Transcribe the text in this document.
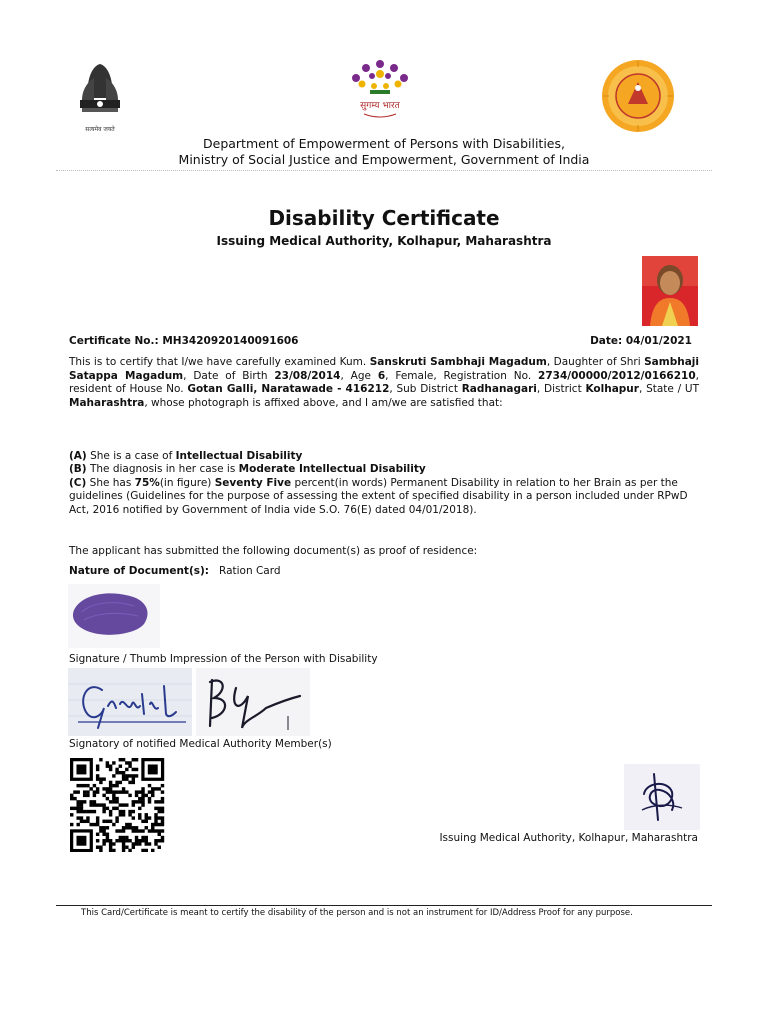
सत्यमेव जयते
सुगम्य भारत
Department of Empowerment of Persons with Disabilities,
Ministry of Social Justice and Empowerment, Government of India
Disability Certificate
Issuing Medical Authority, Kolhapur, Maharashtra
Certificate No.: MH3420920140091606	Date: 04/01/2021
This is to certify that I/we have carefully examined Kum. Sanskruti Sambhaji Magadum, Daughter of Shri Sambhaji Satappa Magadum, Date of Birth 23/08/2014, Age 6, Female, Registration No. 2734/00000/2012/0166210, resident of House No. Gotan Galli, Naratawade - 416212, Sub District Radhanagari, District Kolhapur, State / UT Maharashtra, whose photograph is affixed above, and I am/we are satisfied that:
(A) She is a case of Intellectual Disability
(B) The diagnosis in her case is Moderate Intellectual Disability
(C) She has 75%(in figure) Seventy Five percent(in words) Permanent Disability in relation to her Brain as per the guidelines (Guidelines for the purpose of assessing the extent of specified disability in a person included under RPwD Act, 2016 notified by Government of India vide S.O. 76(E) dated 04/01/2018).
The applicant has submitted the following document(s) as proof of residence:
Nature of Document(s): Ration Card
Signature / Thumb Impression of the Person with Disability
Signatory of notified Medical Authority Member(s)
Issuing Medical Authority, Kolhapur, Maharashtra
This Card/Certificate is meant to certify the disability of the person and is not an instrument for ID/Address Proof for any purpose.
